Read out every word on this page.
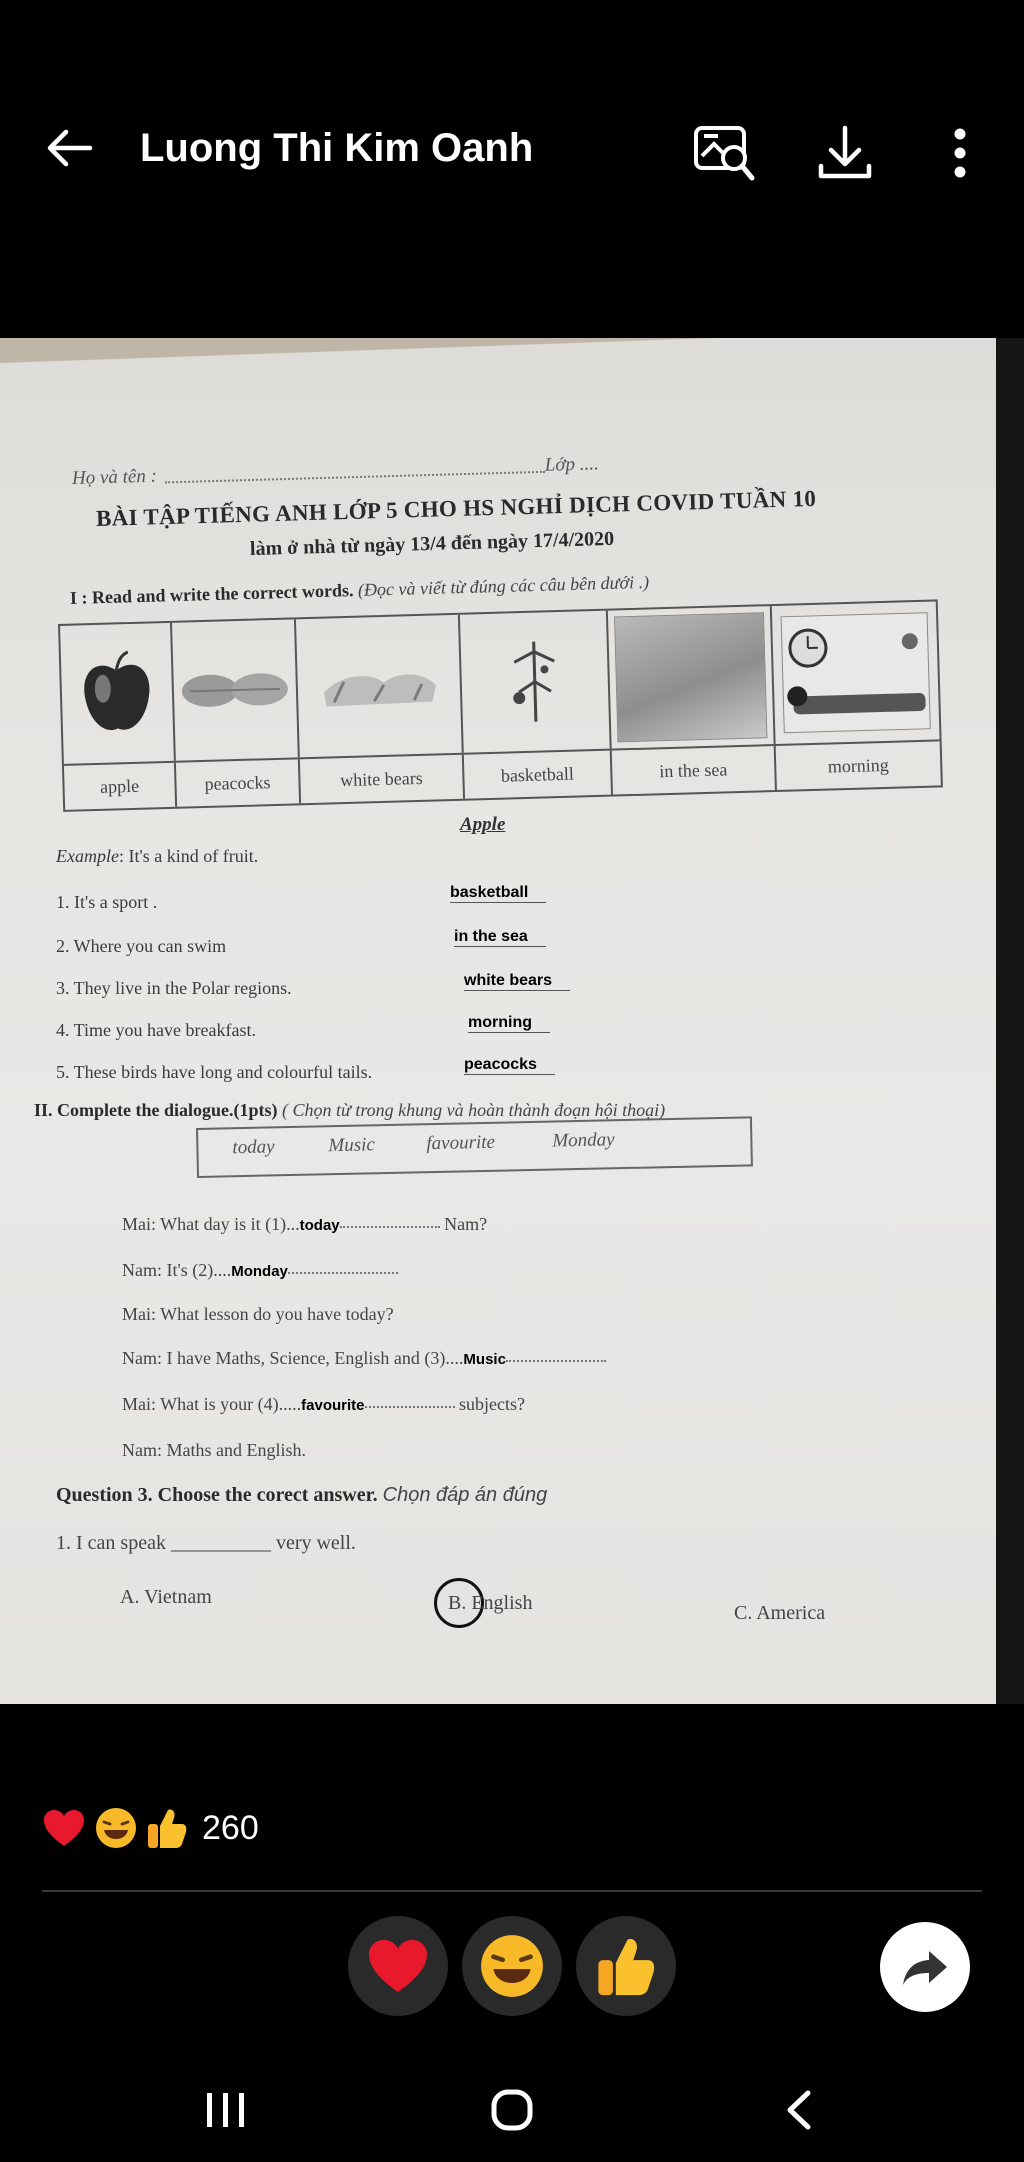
Luong Thi Kim Oanh
Họ và tên :Lớp ....
BÀI TẬP TIẾNG ANH LỚP 5 CHO HS NGHỈ DỊCH COVID TUẦN 10
làm ở nhà từ ngày 13/4 đến ngày 17/4/2020
I : Read and write the correct words. (Đọc và viết từ đúng các câu bên dưới .)
apple	peacocks	white bears	basketball	in the sea	morning
Apple
Example: It's a kind of fruit.
1. It's a sport .	basketball
2. Where you can swim	in the sea
3. They live in the Polar regions.	white bears
4. Time you have breakfast.	morning
5. These birds have long and colourful tails.	peacocks
II. Complete the dialogue.(1pts) ( Chọn từ trong khung và hoàn thành đoạn hội thoại)
today	Music	favourite	Monday
Mai: What day is it (1)...today	Nam?
Nam: It's (2)....Monday
Mai: What lesson do you have today?
Nam: I have Maths, Science, English and (3)....Music
Mai: What is your (4).....favourite	subjects?
Nam: Maths and English.
Question 3. Choose the corect answer. Chọn đáp án đúng
1. I can speak __________ very well.
A. Vietnam	B. English	C. America
260
